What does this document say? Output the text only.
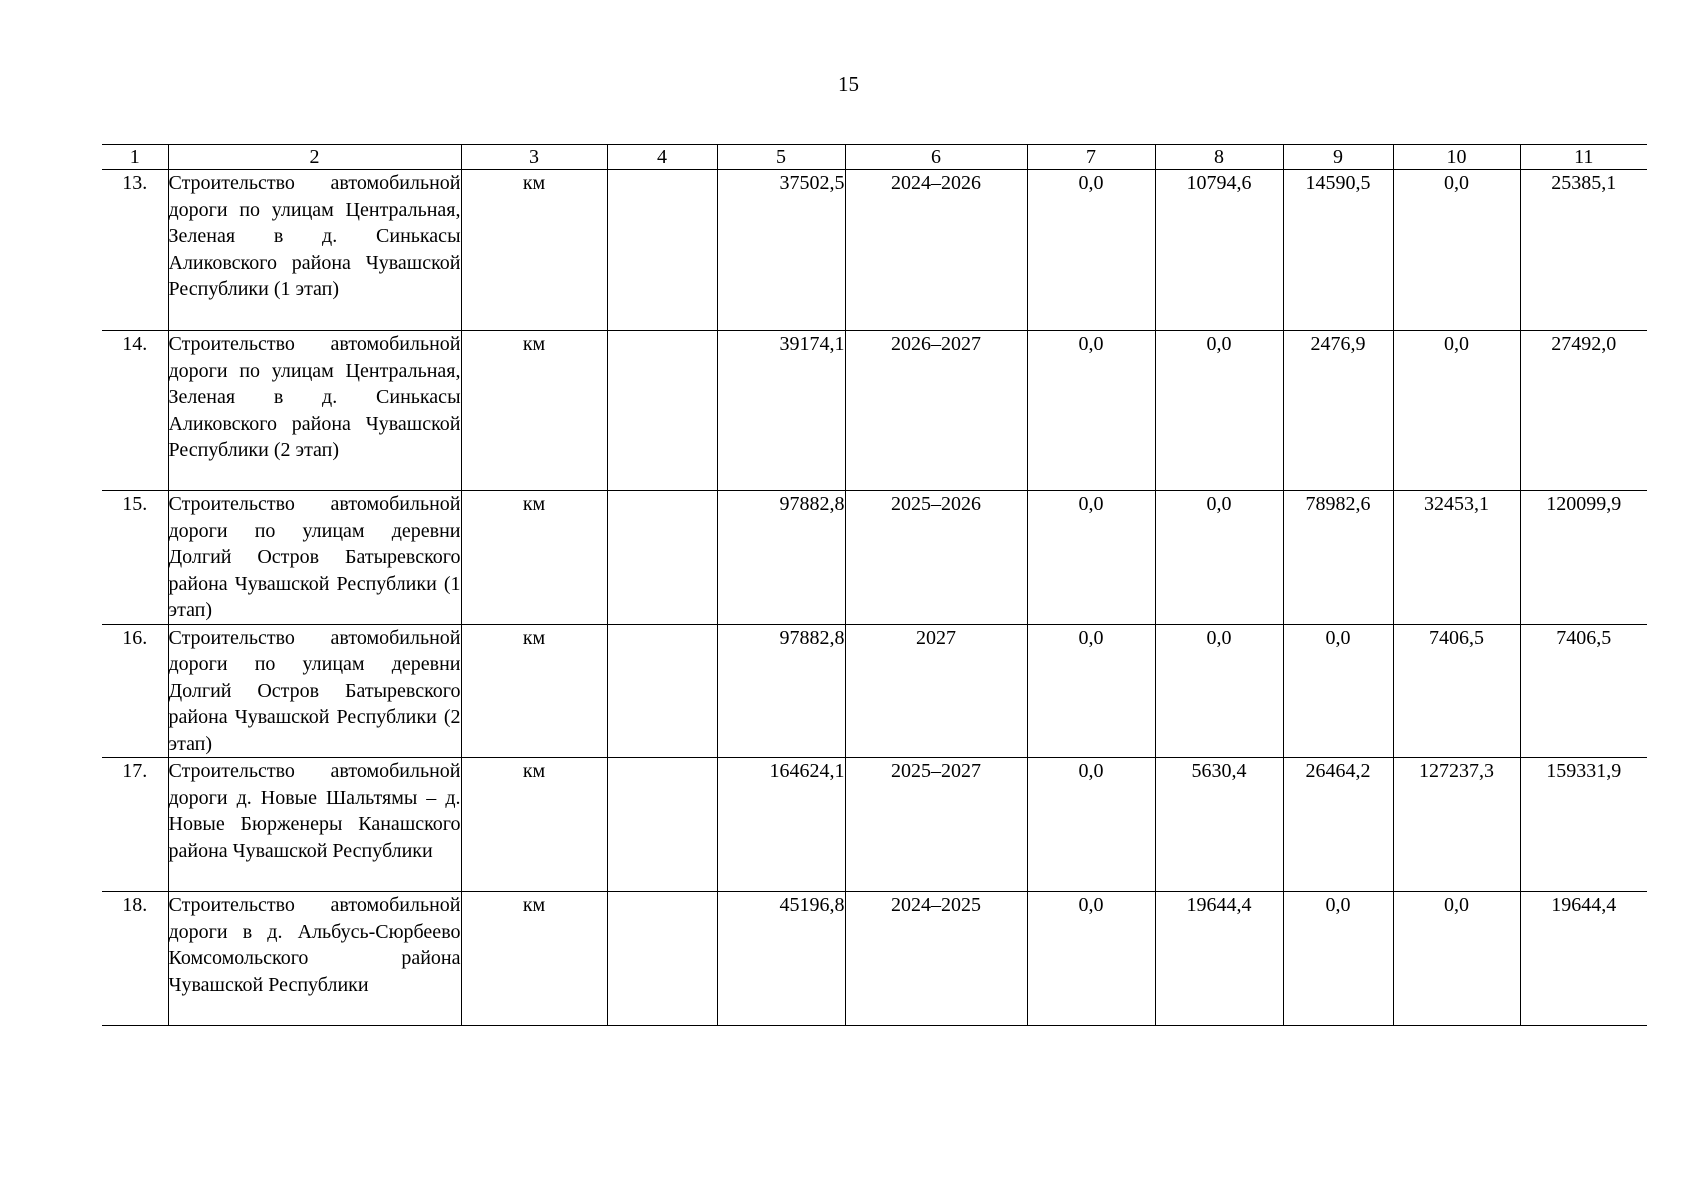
15
1	2	3	4	5	6	7	8	9	10	11
13.	Строительство автомобильной дороги по улицам Центральная, Зеленая в д. Синькасы Аликовского района Чувашской Республики (1 этап)	км		37502,5	2024–2026	0,0	10794,6	14590,5	0,0	25385,1
14.	Строительство автомобильной дороги по улицам Центральная, Зеленая в д. Синькасы Аликовского района Чувашской Республики (2 этап)	км		39174,1	2026–2027	0,0	0,0	2476,9	0,0	27492,0
15.	Строительство автомобильной дороги по улицам деревни Долгий Остров Батыревского района Чувашской Республики (1 этап)	км		97882,8	2025–2026	0,0	0,0	78982,6	32453,1	120099,9
16.	Строительство автомобильной дороги по улицам деревни Долгий Остров Батыревского района Чувашской Республики (2 этап)	км		97882,8	2027	0,0	0,0	0,0	7406,5	7406,5
17.	Строительство автомобильной дороги д. Новые Шальтямы – д. Новые Бюрженеры Канашского района Чувашской Республики	км		164624,1	2025–2027	0,0	5630,4	26464,2	127237,3	159331,9
18.	Строительство автомобильной дороги в д. Альбусь-Сюрбеево Комсомольского района Чувашской Республики	км		45196,8	2024–2025	0,0	19644,4	0,0	0,0	19644,4
